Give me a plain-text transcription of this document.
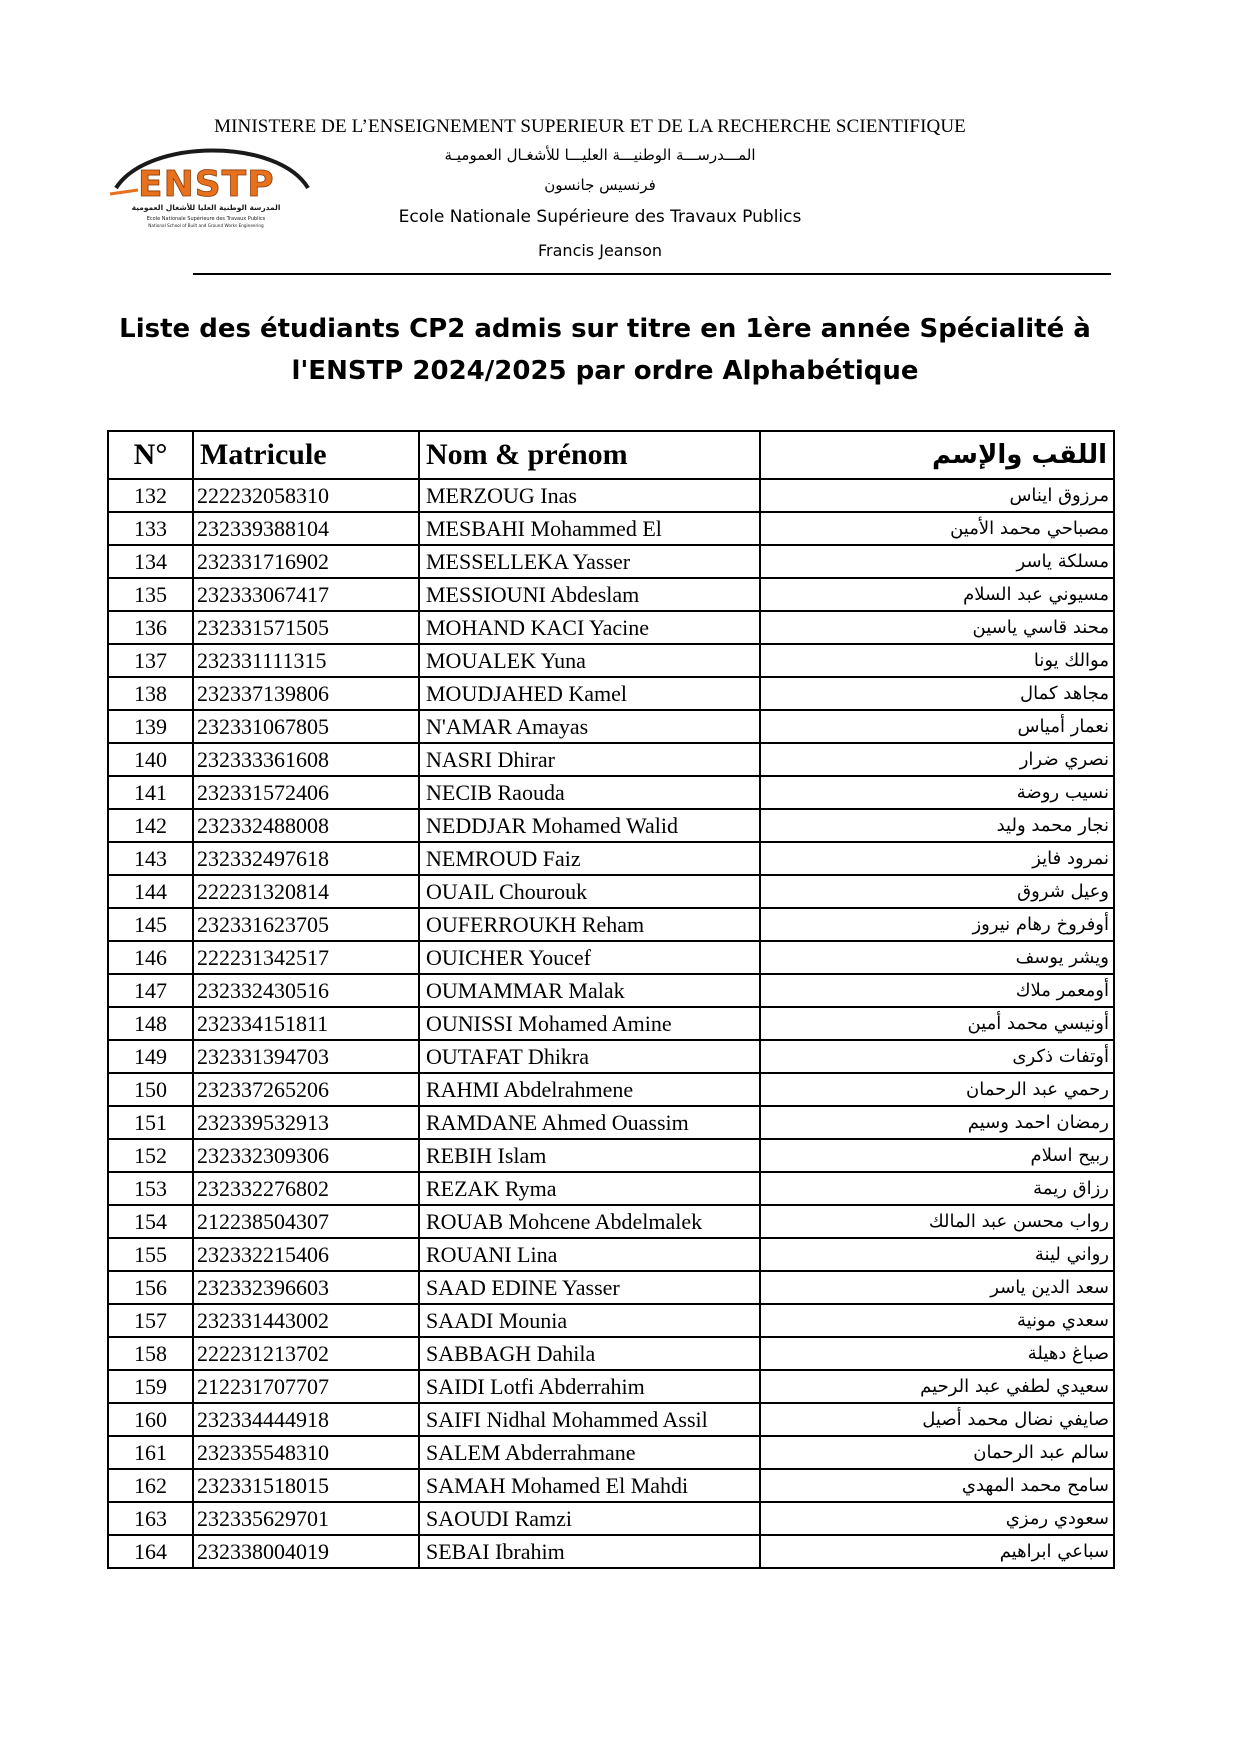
ENSTP
المدرسة الوطنية العليا للأشغال العمومية
Ecole Nationale Supérieure des Travaux Publics
National School of Built and Ground Works Engineering
MINISTERE DE L’ENSEIGNEMENT SUPERIEUR ET DE LA RECHERCHE SCIENTIFIQUE
المـــدرســـة الوطنيـــة العليـــا للأشغـال العموميـة
فرنسيس جانسون
Ecole Nationale Supérieure des Travaux Publics
Francis Jeanson
Liste des étudiants CP2 admis sur titre en 1ère année Spécialité à
l'ENSTP 2024/2025 par ordre Alphabétique
N°	Matricule	Nom & prénom	اللقب والإسم
132	222232058310	MERZOUG Inas	مرزوق ايناس
133	232339388104	MESBAHI Mohammed El	مصباحي محمد الأمين
134	232331716902	MESSELLEKA Yasser	مسلكة ياسر
135	232333067417	MESSIOUNI Abdeslam	مسيوني عبد السلام
136	232331571505	MOHAND KACI Yacine	محند قاسي ياسين
137	232331111315	MOUALEK Yuna	موالك يونا
138	232337139806	MOUDJAHED Kamel	مجاهد كمال
139	232331067805	N'AMAR Amayas	نعمار أمياس
140	232333361608	NASRI Dhirar	نصري ضرار
141	232331572406	NECIB Raouda	نسيب روضة
142	232332488008	NEDDJAR Mohamed Walid	نجار محمد وليد
143	232332497618	NEMROUD Faiz	نمرود فايز
144	222231320814	OUAIL Chourouk	وعيل شروق
145	232331623705	OUFERROUKH Reham	أوفروخ رهام نيروز
146	222231342517	OUICHER Youcef	ويشر يوسف
147	232332430516	OUMAMMAR Malak	أومعمر ملاك
148	232334151811	OUNISSI Mohamed Amine	أونيسي محمد أمين
149	232331394703	OUTAFAT Dhikra	أوتفات ذكرى
150	232337265206	RAHMI Abdelrahmene	رحمي عبد الرحمان
151	232339532913	RAMDANE Ahmed Ouassim	رمضان احمد وسيم
152	232332309306	REBIH Islam	ربيح اسلام
153	232332276802	REZAK Ryma	رزاق ريمة
154	212238504307	ROUAB Mohcene Abdelmalek	رواب محسن عبد المالك
155	232332215406	ROUANI Lina	رواني لينة
156	232332396603	SAAD EDINE Yasser	سعد الدين ياسر
157	232331443002	SAADI Mounia	سعدي مونية
158	222231213702	SABBAGH Dahila	صباغ دهيلة
159	212231707707	SAIDI Lotfi Abderrahim	سعيدي لطفي عبد الرحيم
160	232334444918	SAIFI Nidhal Mohammed Assil	صايفي نضال محمد أصيل
161	232335548310	SALEM Abderrahmane	سالم عبد الرحمان
162	232331518015	SAMAH Mohamed El Mahdi	سامح محمد المهدي
163	232335629701	SAOUDI Ramzi	سعودي رمزي
164	232338004019	SEBAI Ibrahim	سباعي ابراهيم
